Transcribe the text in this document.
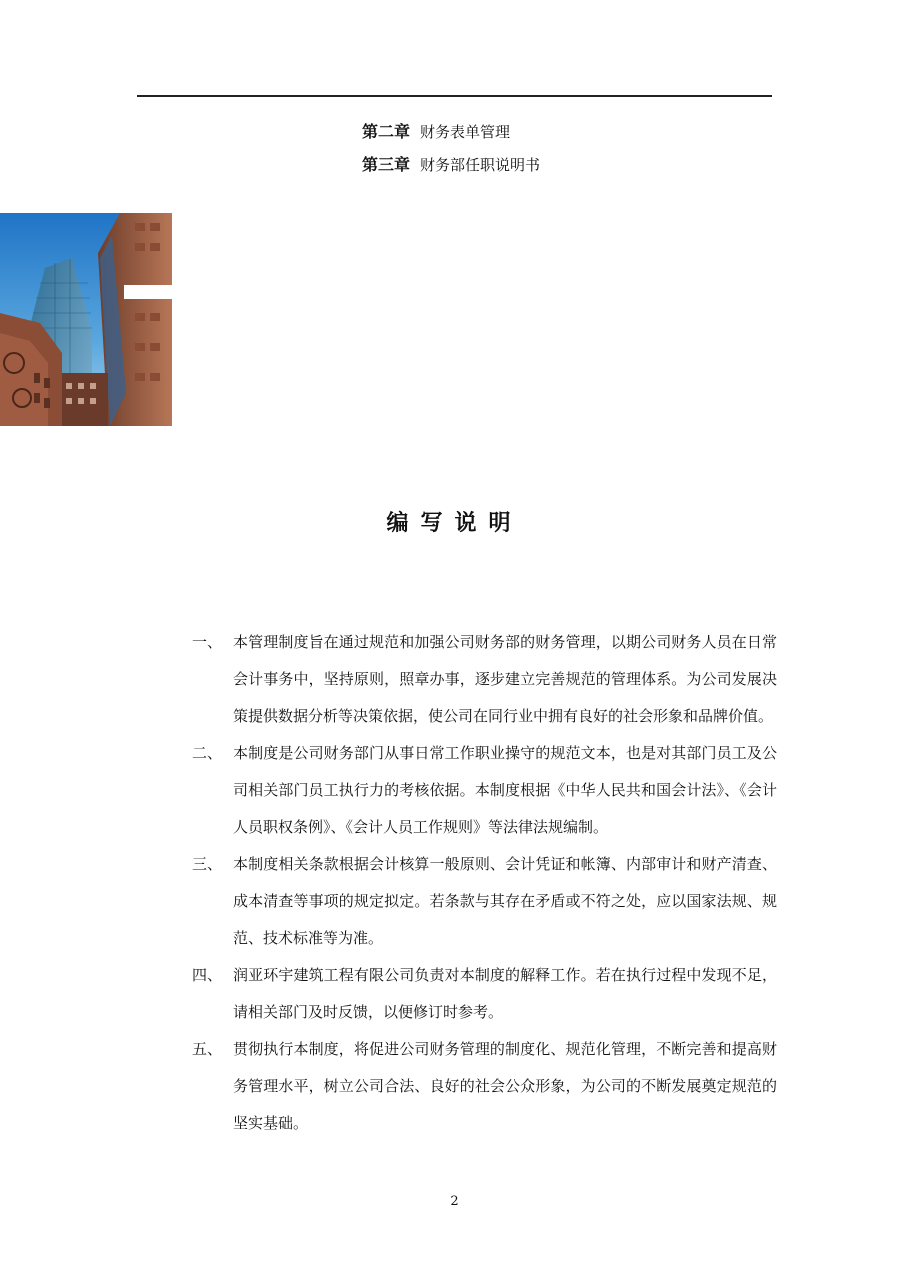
第二章 财务表单管理
第三章 财务部任职说明书
编写说明
一、 本管理制度旨在通过规范和加强公司财务部的财务管理，以期公司财务人员在日常会计事务中，坚持原则，照章办事，逐步建立完善规范的管理体系。为公司发展决策提供数据分析等决策依据，使公司在同行业中拥有良好的社会形象和品牌价值。
二、 本制度是公司财务部门从事日常工作职业操守的规范文本，也是对其部门员工及公司相关部门员工执行力的考核依据。本制度根据《中华人民共和国会计法》、《会计人员职权条例》、《会计人员工作规则》等法律法规编制。
三、 本制度相关条款根据会计核算一般原则、会计凭证和帐簿、内部审计和财产清查、成本清查等事项的规定拟定。若条款与其存在矛盾或不符之处，应以国家法规、规范、技术标准等为准。
四、 润亚环宇建筑工程有限公司负责对本制度的解释工作。若在执行过程中发现不足，请相关部门及时反馈，以便修订时参考。
五、 贯彻执行本制度，将促进公司财务管理的制度化、规范化管理，不断完善和提高财务管理水平，树立公司合法、良好的社会公众形象，为公司的不断发展奠定规范的坚实基础。
2
